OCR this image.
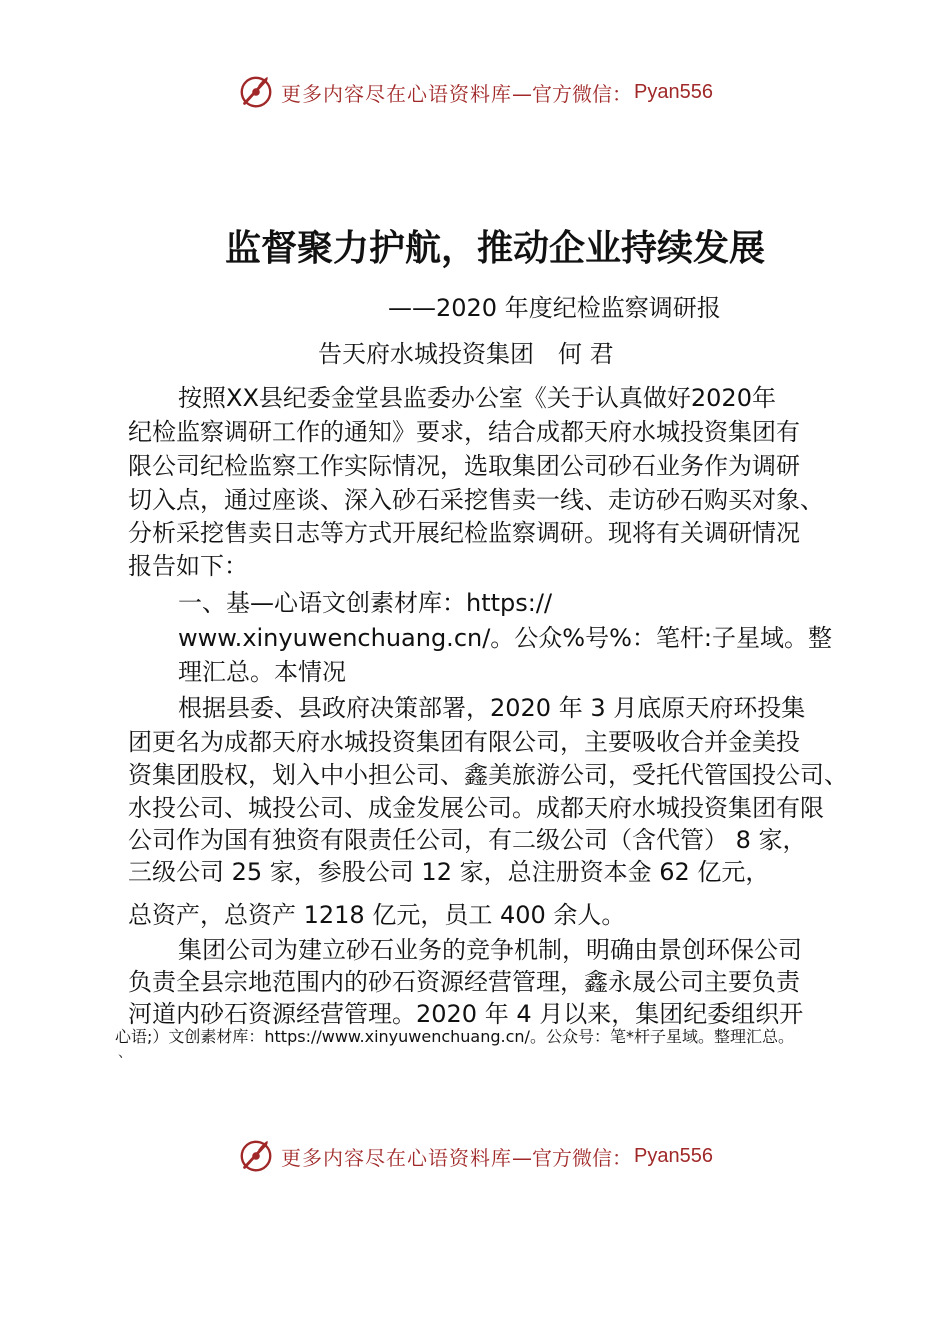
更多内容尽在心语资料库 —官方微信： Pyan556
监督聚力护航，推动企业持续发展
——2020 年度纪检监察调研报
告天府水城投资集团　何 君
按照XX县纪委金堂县监委办公室《关于认真做好2020年
纪检监察调研工作的通知》要求，结合成都天府水城投资集团有
限公司纪检监察工作实际情况，选取集团公司砂石业务作为调研
切入点，通过座谈、深入砂石采挖售卖一线、走访砂石购买对象、
分析采挖售卖日志等方式开展纪检监察调研。现将有关调研情况
报告如下：
一、基—心语文创素材库：https://
www.xinyuwenchuang.cn/。公众%号%：笔杆:子星域。整
理汇总。本情况
根据县委、县政府决策部署，2020 年 3 月底原天府环投集
团更名为成都天府水城投资集团有限公司，主要吸收合并金美投
资集团股权，划入中小担公司、鑫美旅游公司，受托代管国投公司、
水投公司、城投公司、成金发展公司。成都天府水城投资集团有限
公司作为国有独资有限责任公司，有二级公司（含代管） 8 家，
三级公司 25 家，参股公司 12 家，总注册资本金 62 亿元，
总资产，总资产 1218 亿元，员工 400 余人。
集团公司为建立砂石业务的竞争机制，明确由景创环保公司
负责全县宗地范围内的砂石资源经营管理，鑫永晟公司主要负责
河道内砂石资源经营管理。2020 年 4 月以来，集团纪委组织开
心语;）文创素材库：https://www.xinyuwenchuang.cn/。公众号：笔*杆子星域。整理汇总。
、
更多内容尽在心语资料库 —官方微信： Pyan556
